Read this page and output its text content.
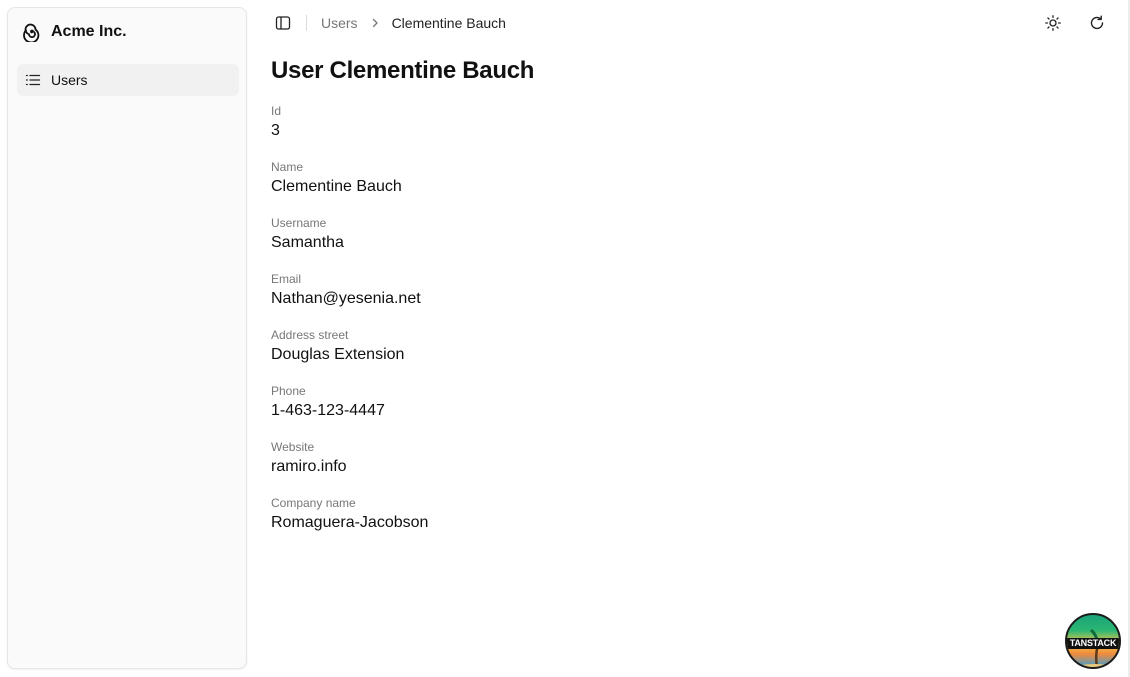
Acme Inc.
Users
Users Clementine Bauch
User Clementine Bauch
Id
3
Name
Clementine Bauch
Username
Samantha
Email
Nathan@yesenia.net
Address street
Douglas Extension
Phone
1-463-123-4447
Website
ramiro.info
Company name
Romaguera-Jacobson
TANSTACK
